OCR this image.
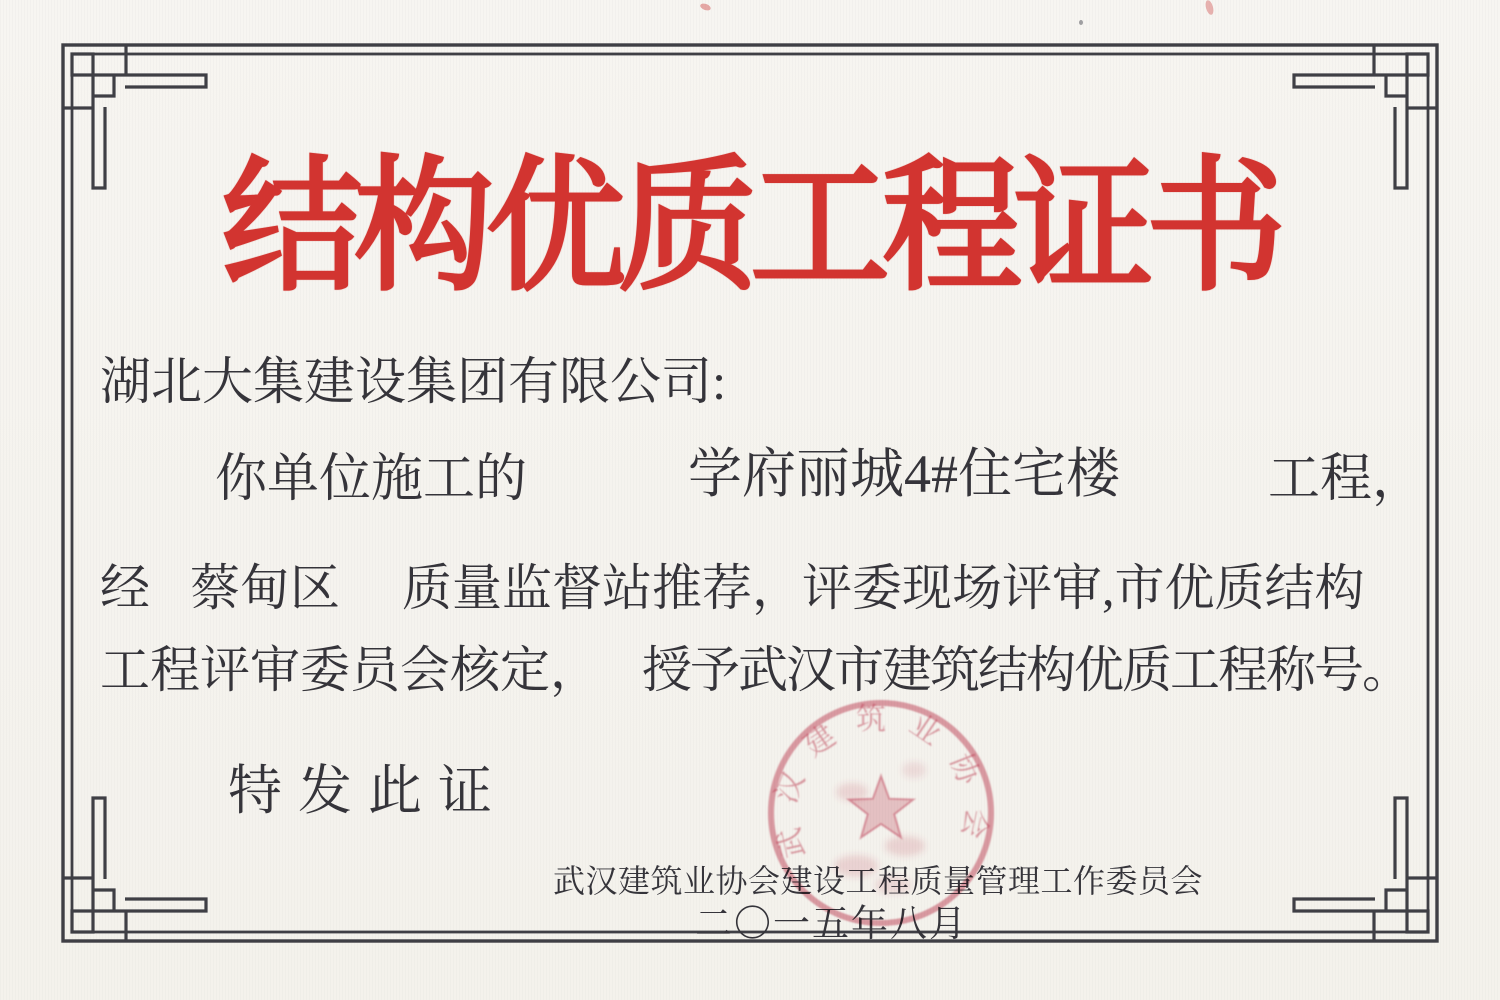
结构优质工程证书
湖北大集建设集团有限公司:
你单位施工的	学府丽城4#住宅楼	工程，
经 蔡甸区 质量监督站推荐，评委现场评审,市优质结构
工程评审委员会核定， 授予武汉市建筑结构优质工程称号。
特发此证
武汉建筑业协会建设工程质量管理工作委员会
二〇一五年八月
武汉建筑业协会
